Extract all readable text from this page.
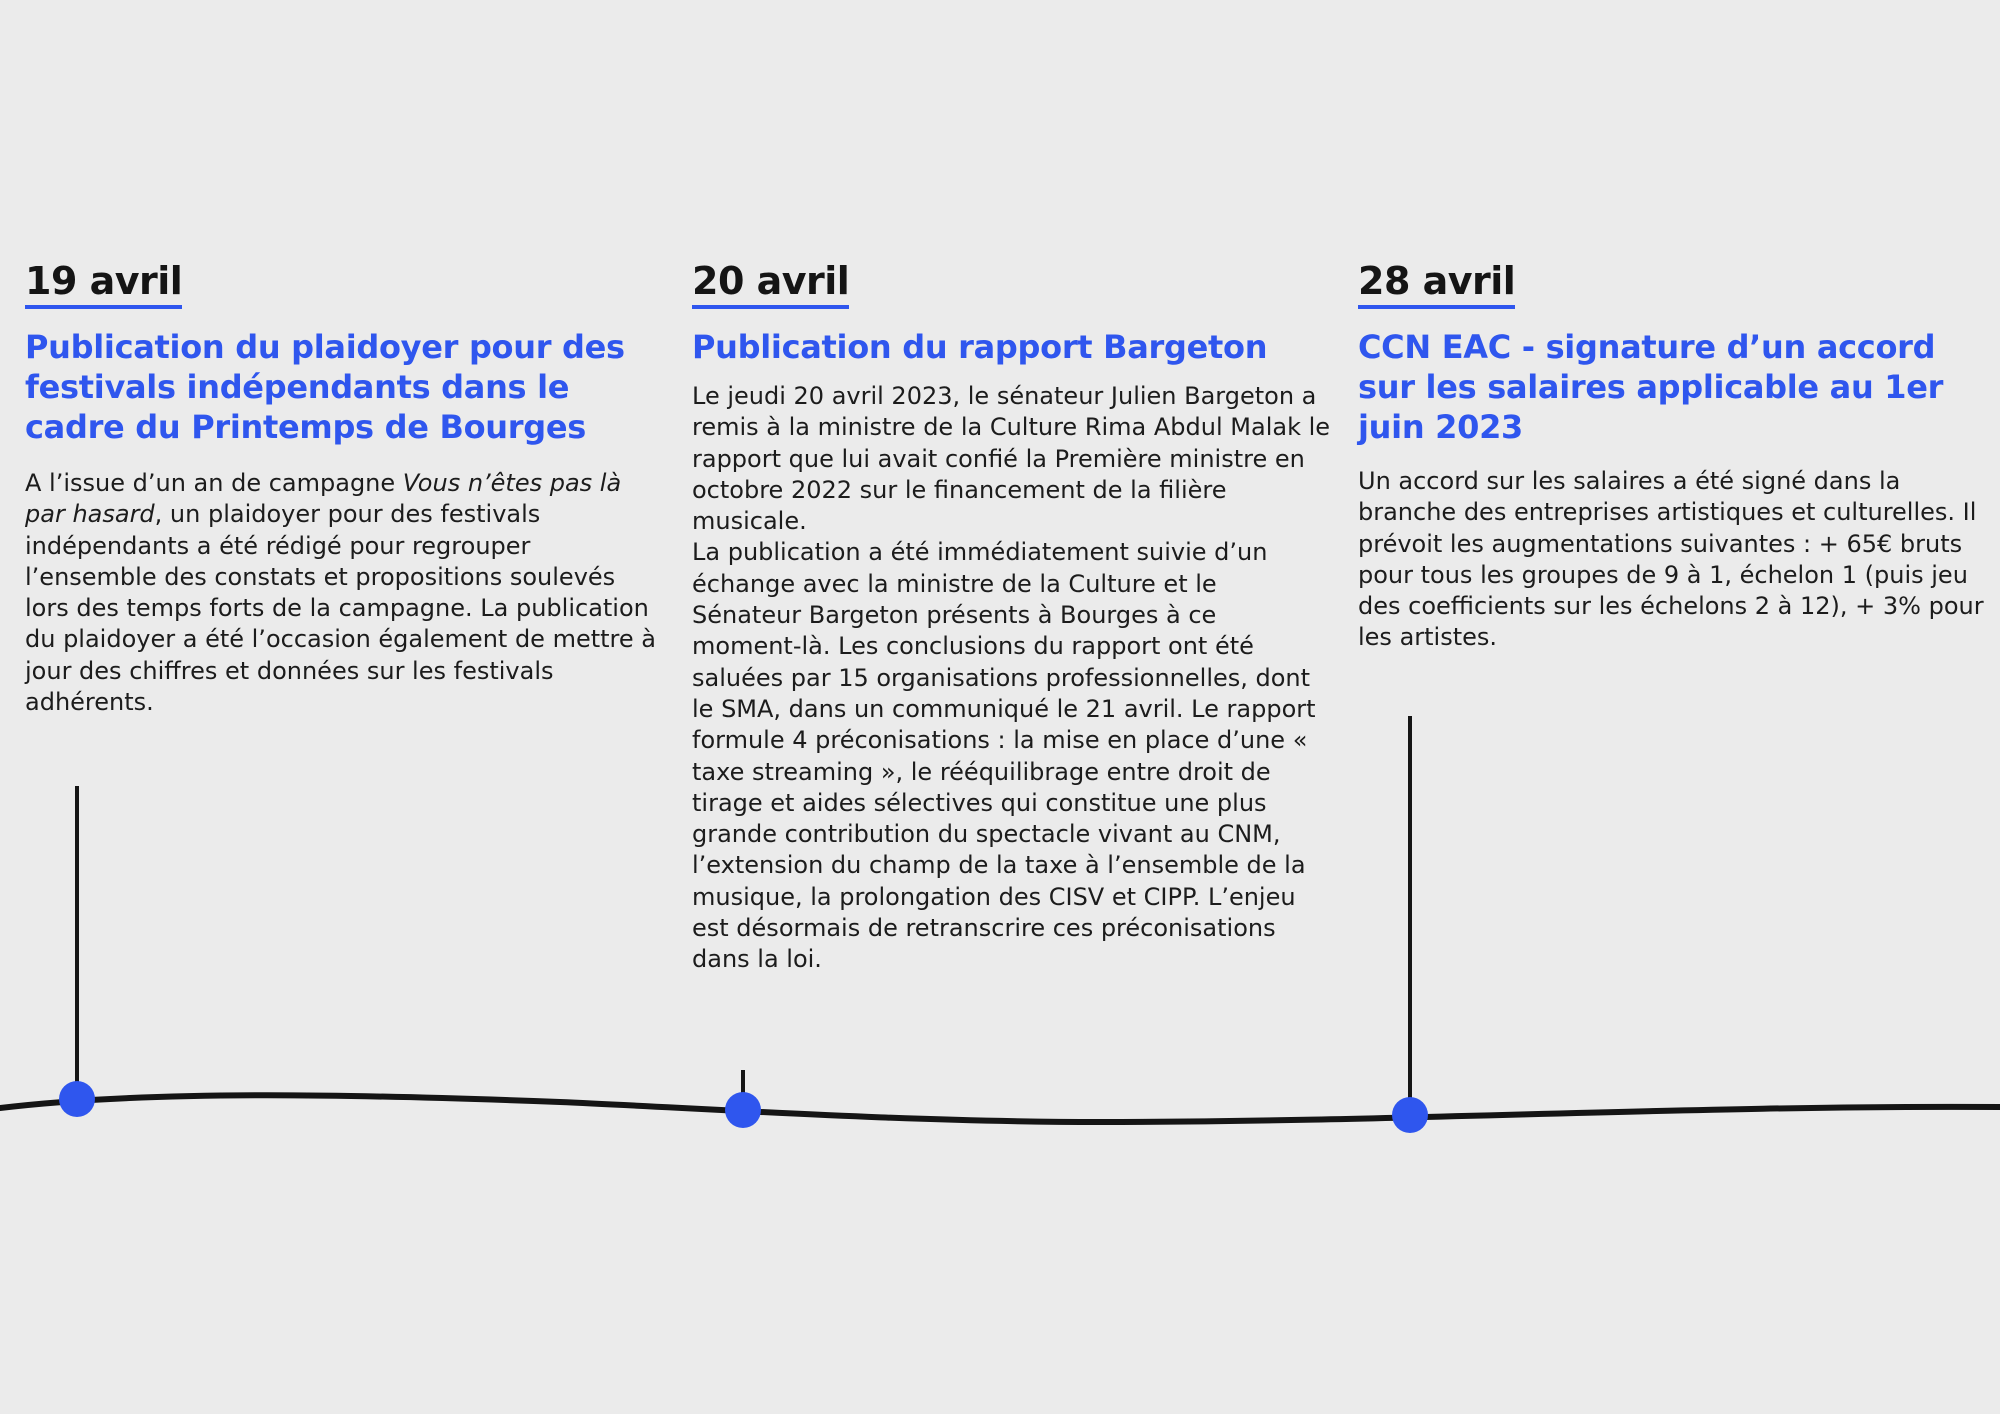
19 avril
Publication du plaidoyer pour des festivals indépendants dans le cadre du Printemps de Bourges

A l’issue d’un an de campagne Vous n’êtes pas là par hasard, un plaidoyer pour des festivals indépendants a été rédigé pour regrouper l’ensemble des constats et propositions soulevés lors des temps forts de la campagne. La publication du plaidoyer a été l’occasion également de mettre à jour des chiffres et données sur les festivals adhérents.

20 avril
Publication du rapport Bargeton

Le jeudi 20 avril 2023, le sénateur Julien Bargeton a remis à la ministre de la Culture Rima Abdul Malak le rapport que lui avait confié la Première ministre en octobre 2022 sur le financement de la filière musicale.
La publication a été immédiatement suivie d’un échange avec la ministre de la Culture et le Sénateur Bargeton présents à Bourges à ce moment-là. Les conclusions du rapport ont été saluées par 15 organisations professionnelles, dont le SMA, dans un communiqué le 21 avril. Le rapport formule 4 préconisations : la mise en place d’une « taxe streaming », le rééquilibrage entre droit de tirage et aides sélectives qui constitue une plus grande contribution du spectacle vivant au CNM, l’extension du champ de la taxe à l’ensemble de la musique, la prolongation des CISV et CIPP. L’enjeu est désormais de retranscrire ces préconisations dans la loi.

28 avril
CCN EAC - signature d’un accord sur les salaires applicable au 1er juin 2023

Un accord sur les salaires a été signé dans la branche des entreprises artistiques et culturelles. Il prévoit les augmentations suivantes : + 65€ bruts pour tous les groupes de 9 à 1, échelon 1 (puis jeu des coefficients sur les échelons 2 à 12), + 3% pour les artistes.
